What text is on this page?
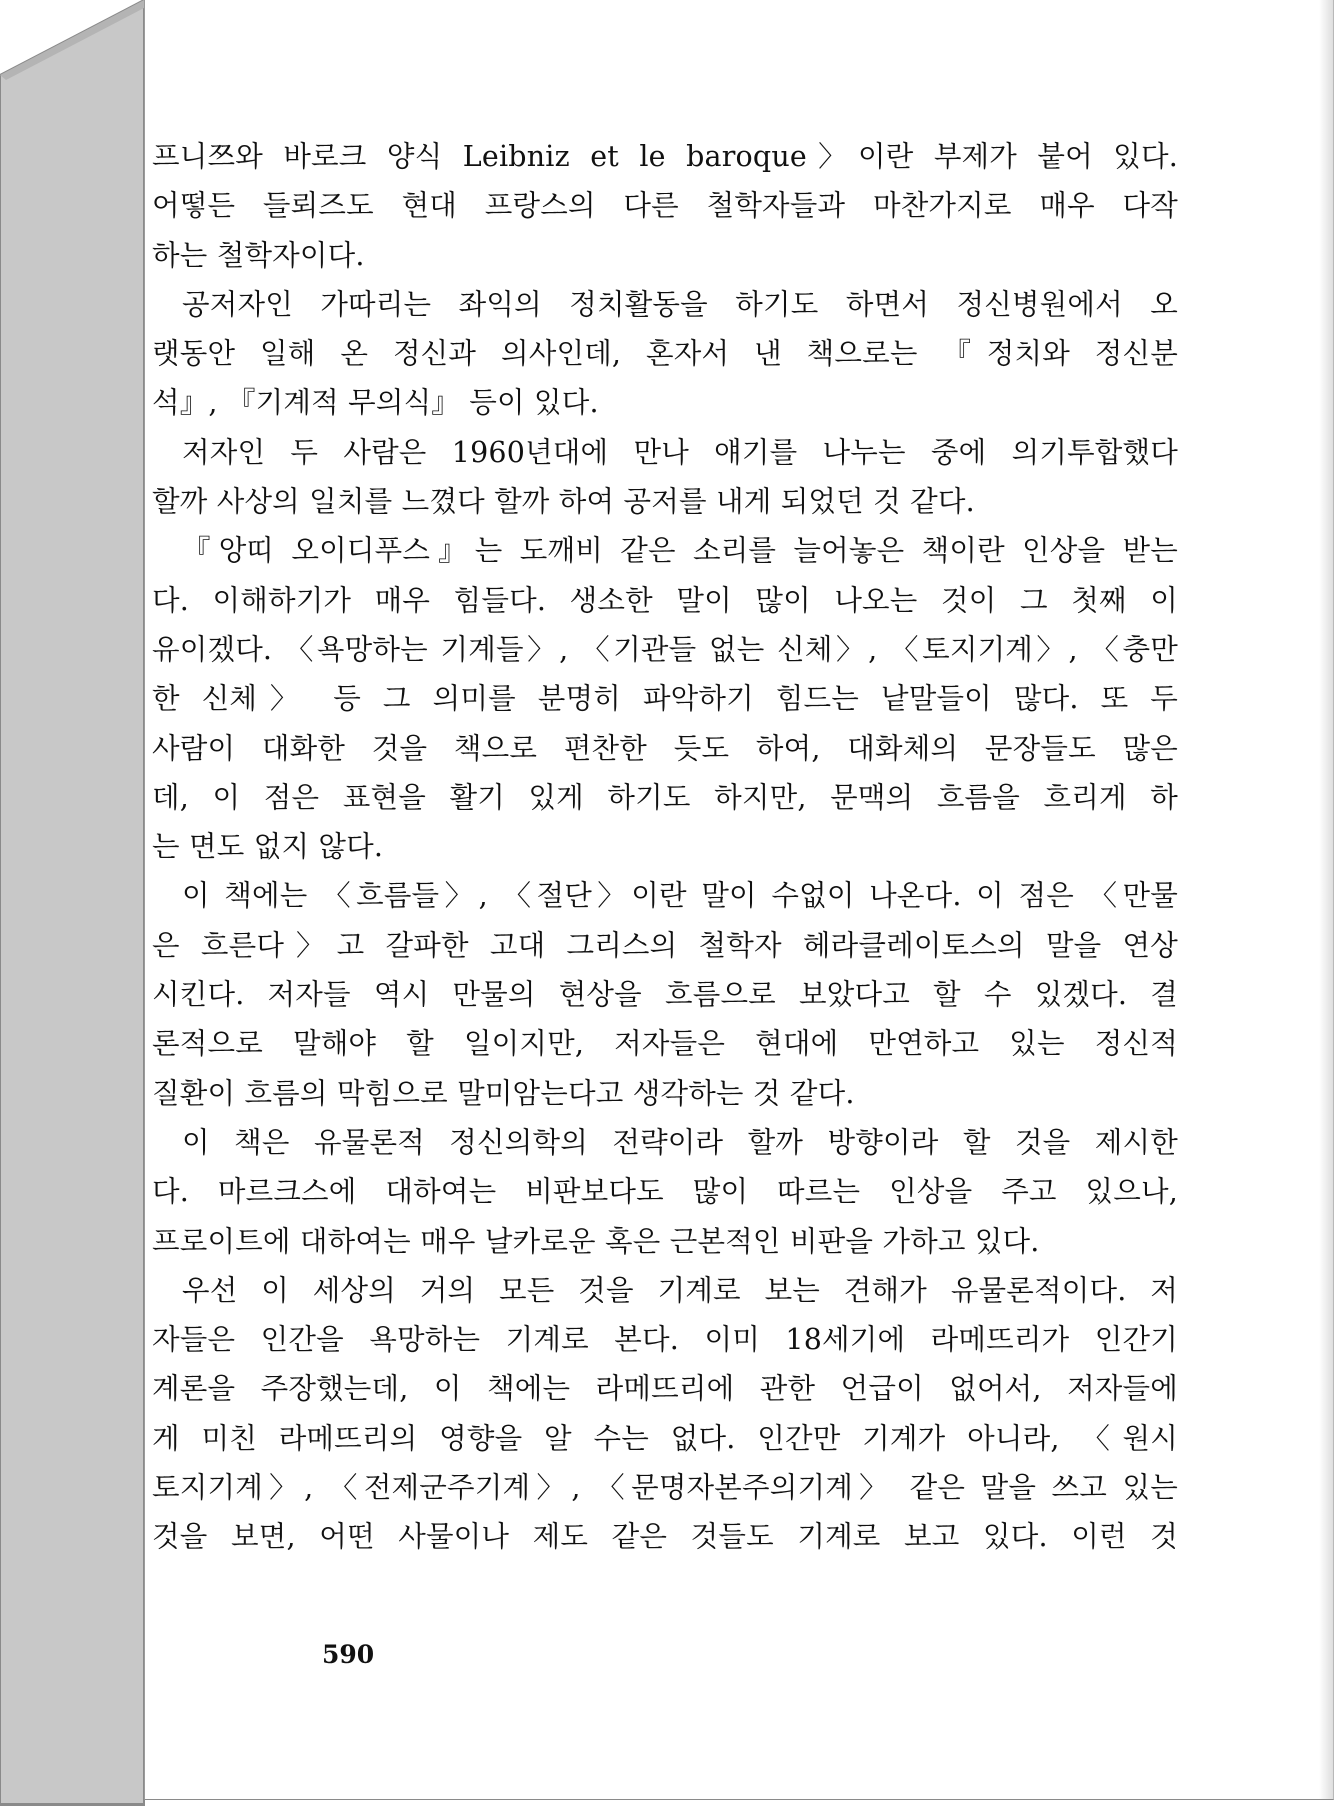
프니쯔와 바로크 양식 Leibniz et le baroque〉이란 부제가 붙어 있다.

어떻든 들뢰즈도 현대 프랑스의 다른 철학자들과 마찬가지로 매우 다작

하는 철학자이다.

공저자인 가따리는 좌익의 정치활동을 하기도 하면서 정신병원에서 오

랫동안 일해 온 정신과 의사인데, 혼자서 낸 책으로는 『정치와 정신분

석』, 『기계적 무의식』 등이 있다.

저자인 두 사람은 1960년대에 만나 얘기를 나누는 중에 의기투합했다

할까 사상의 일치를 느꼈다 할까 하여 공저를 내게 되었던 것 같다.

『앙띠 오이디푸스』는 도깨비 같은 소리를 늘어놓은 책이란 인상을 받는

다. 이해하기가 매우 힘들다. 생소한 말이 많이 나오는 것이 그 첫째 이

유이겠다. 〈욕망하는 기계들〉, 〈기관들 없는 신체〉, 〈토지기계〉, 〈충만

한 신체〉 등 그 의미를 분명히 파악하기 힘드는 낱말들이 많다. 또 두

사람이 대화한 것을 책으로 편찬한 듯도 하여, 대화체의 문장들도 많은

데, 이 점은 표현을 활기 있게 하기도 하지만, 문맥의 흐름을 흐리게 하

는 면도 없지 않다.

이 책에는 〈흐름들〉, 〈절단〉이란 말이 수없이 나온다. 이 점은 〈만물

은 흐른다〉고 갈파한 고대 그리스의 철학자 헤라클레이토스의 말을 연상

시킨다. 저자들 역시 만물의 현상을 흐름으로 보았다고 할 수 있겠다. 결

론적으로 말해야 할 일이지만, 저자들은 현대에 만연하고 있는 정신적

질환이 흐름의 막힘으로 말미암는다고 생각하는 것 같다.

이 책은 유물론적 정신의학의 전략이라 할까 방향이라 할 것을 제시한

다. 마르크스에 대하여는 비판보다도 많이 따르는 인상을 주고 있으나,

프로이트에 대하여는 매우 날카로운 혹은 근본적인 비판을 가하고 있다.

우선 이 세상의 거의 모든 것을 기계로 보는 견해가 유물론적이다. 저

자들은 인간을 욕망하는 기계로 본다. 이미 18세기에 라메뜨리가 인간기

계론을 주장했는데, 이 책에는 라메뜨리에 관한 언급이 없어서, 저자들에

게 미친 라메뜨리의 영향을 알 수는 없다. 인간만 기계가 아니라, 〈원시

토지기계〉, 〈전제군주기계〉, 〈문명자본주의기계〉 같은 말을 쓰고 있는

것을 보면, 어떤 사물이나 제도 같은 것들도 기계로 보고 있다. 이런 것

590
